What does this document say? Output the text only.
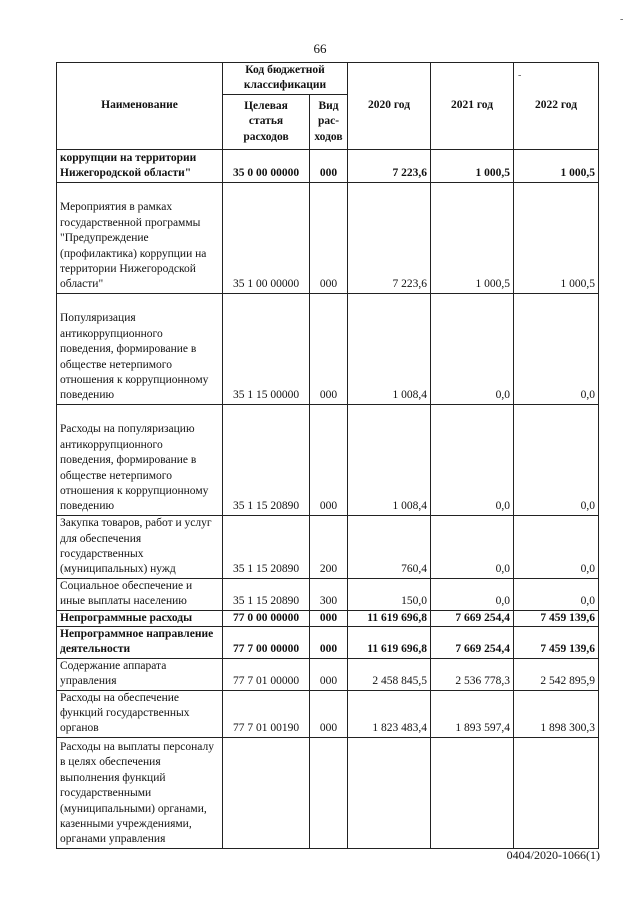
-
-
66
Наименование	Код бюджетной классификации		2020 год	2021 год	2022 год
	Целевая статья расходов	Вид рас-ходов			
коррупции на территории Нижегородской области"	35 0 00 00000	000	7 223,6	1 000,5	1 000,5
Мероприятия в рамках государственной программы "Предупреждение (профилактика) коррупции на территории Нижегородской области"	35 1 00 00000	000	7 223,6	1 000,5	1 000,5
Популяризация антикоррупционного поведения, формирование в обществе нетерпимого отношения к коррупционному поведению	35 1 15 00000	000	1 008,4	0,0	0,0
Расходы на популяризацию антикоррупционного поведения, формирование в обществе нетерпимого отношения к коррупционному поведению	35 1 15 20890	000	1 008,4	0,0	0,0
Закупка товаров, работ и услуг для обеспечения государственных (муниципальных) нужд	35 1 15 20890	200	760,4	0,0	0,0
Социальное обеспечение и иные выплаты населению	35 1 15 20890	300	150,0	0,0	0,0
Непрограммные расходы	77 0 00 00000	000	11 619 696,8	7 669 254,4	7 459 139,6
Непрограммное направление деятельности	77 7 00 00000	000	11 619 696,8	7 669 254,4	7 459 139,6
Содержание аппарата управления	77 7 01 00000	000	2 458 845,5	2 536 778,3	2 542 895,9
Расходы на обеспечение функций государственных органов	77 7 01 00190	000	1 823 483,4	1 893 597,4	1 898 300,3
Расходы на выплаты персоналу в целях обеспечения выполнения функций государственными (муниципальными) органами, казенными учреждениями, органами управления					
0404/2020-1066(1)
